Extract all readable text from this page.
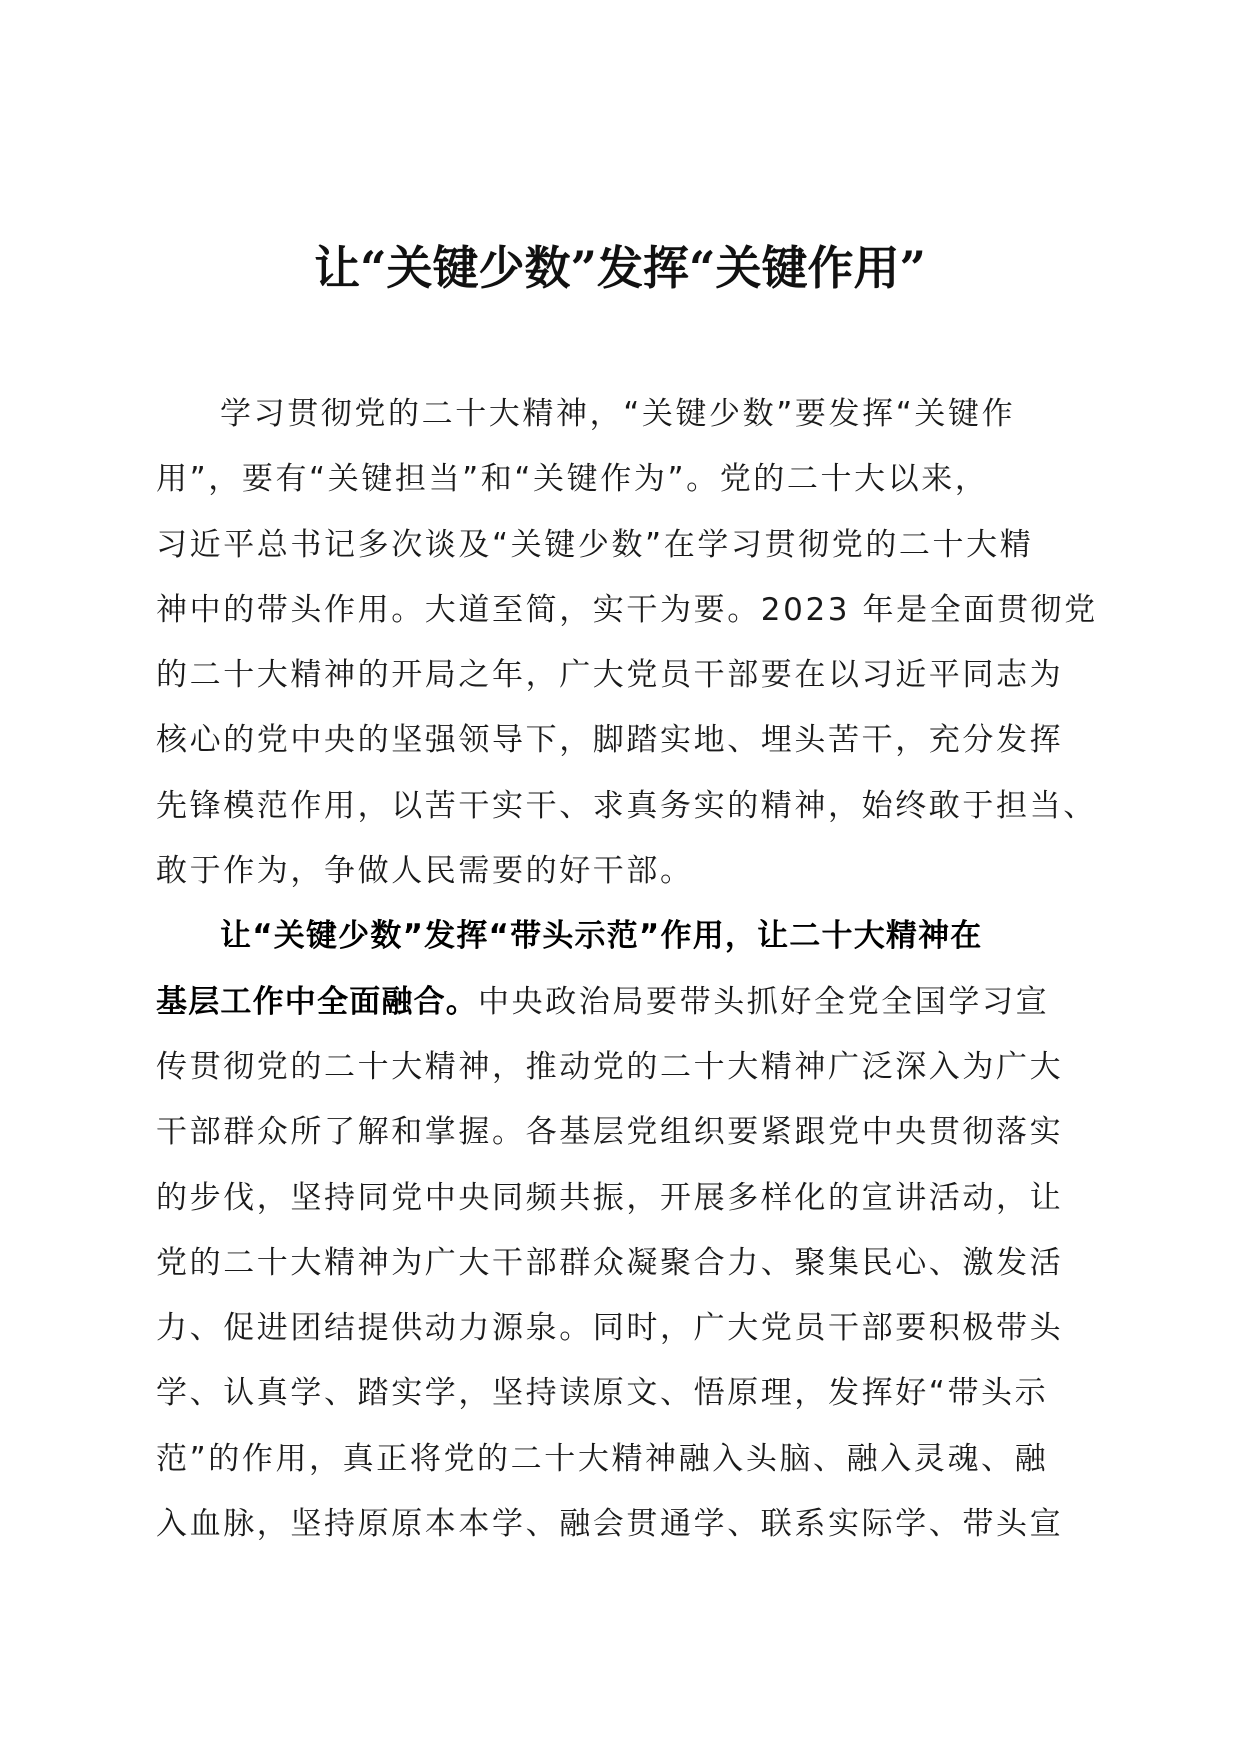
让“关键少数”发挥“关键作用”
学习贯彻党的二十大精神，“关键少数”要发挥“关键作
用”，要有“关键担当”和“关键作为”。党的二十大以来，
习近平总书记多次谈及“关键少数”在学习贯彻党的二十大精
神中的带头作用。大道至简，实干为要。2023 年是全面贯彻党
的二十大精神的开局之年，广大党员干部要在以习近平同志为
核心的党中央的坚强领导下，脚踏实地、埋头苦干，充分发挥
先锋模范作用，以苦干实干、求真务实的精神，始终敢于担当、
敢于作为，争做人民需要的好干部。
让“关键少数”发挥“带头示范”作用，让二十大精神在
基层工作中全面融合。中央政治局要带头抓好全党全国学习宣
传贯彻党的二十大精神，推动党的二十大精神广泛深入为广大
干部群众所了解和掌握。各基层党组织要紧跟党中央贯彻落实
的步伐，坚持同党中央同频共振，开展多样化的宣讲活动，让
党的二十大精神为广大干部群众凝聚合力、聚集民心、激发活
力、促进团结提供动力源泉。同时，广大党员干部要积极带头
学、认真学、踏实学，坚持读原文、悟原理，发挥好“带头示
范”的作用，真正将党的二十大精神融入头脑、融入灵魂、融
入血脉，坚持原原本本学、融会贯通学、联系实际学、带头宣
